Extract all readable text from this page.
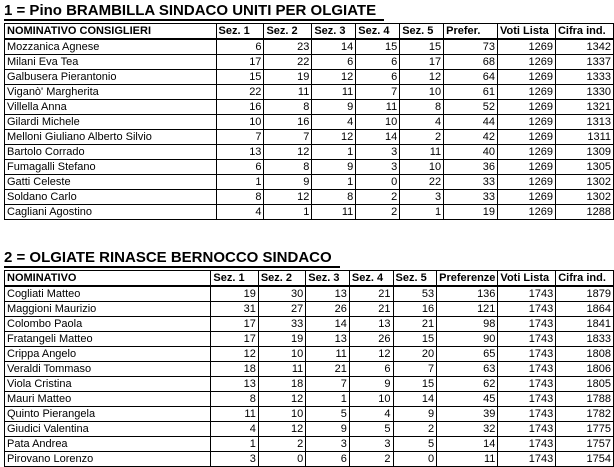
1 = Pino BRAMBILLA SINDACO UNITI PER OLGIATE
NOMINATIVO CONSIGLIERI	Sez. 1	Sez. 2	Sez. 3	Sez. 4	Sez. 5	Prefer.	Voti Lista	Cifra ind.
Mozzanica Agnese	6	23	14	15	15	73	1269	1342
Milani Eva Tea	17	22	6	6	17	68	1269	1337
Galbusera Pierantonio	15	19	12	6	12	64	1269	1333
Viganò' Margherita	22	11	11	7	10	61	1269	1330
Villella Anna	16	8	9	11	8	52	1269	1321
Gilardi Michele	10	16	4	10	4	44	1269	1313
Melloni Giuliano Alberto Silvio	7	7	12	14	2	42	1269	1311
Bartolo Corrado	13	12	1	3	11	40	1269	1309
Fumagalli Stefano	6	8	9	3	10	36	1269	1305
Gatti Celeste	1	9	1	0	22	33	1269	1302
Soldano Carlo	8	12	8	2	3	33	1269	1302
Cagliani Agostino	4	1	11	2	1	19	1269	1288
2 = OLGIATE RINASCE BERNOCCO SINDACO
NOMINATIVO	Sez. 1	Sez. 2	Sez. 3	Sez. 4	Sez. 5	Preferenze	Voti Lista	Cifra ind.
Cogliati Matteo	19	30	13	21	53	136	1743	1879
Maggioni Maurizio	31	27	26	21	16	121	1743	1864
Colombo Paola	17	33	14	13	21	98	1743	1841
Fratangeli Matteo	17	19	13	26	15	90	1743	1833
Crippa Angelo	12	10	11	12	20	65	1743	1808
Veraldi Tommaso	18	11	21	6	7	63	1743	1806
Viola Cristina	13	18	7	9	15	62	1743	1805
Mauri Matteo	8	12	1	10	14	45	1743	1788
Quinto Pierangela	11	10	5	4	9	39	1743	1782
Giudici Valentina	4	12	9	5	2	32	1743	1775
Pata Andrea	1	2	3	3	5	14	1743	1757
Pirovano Lorenzo	3	0	6	2	0	11	1743	1754
